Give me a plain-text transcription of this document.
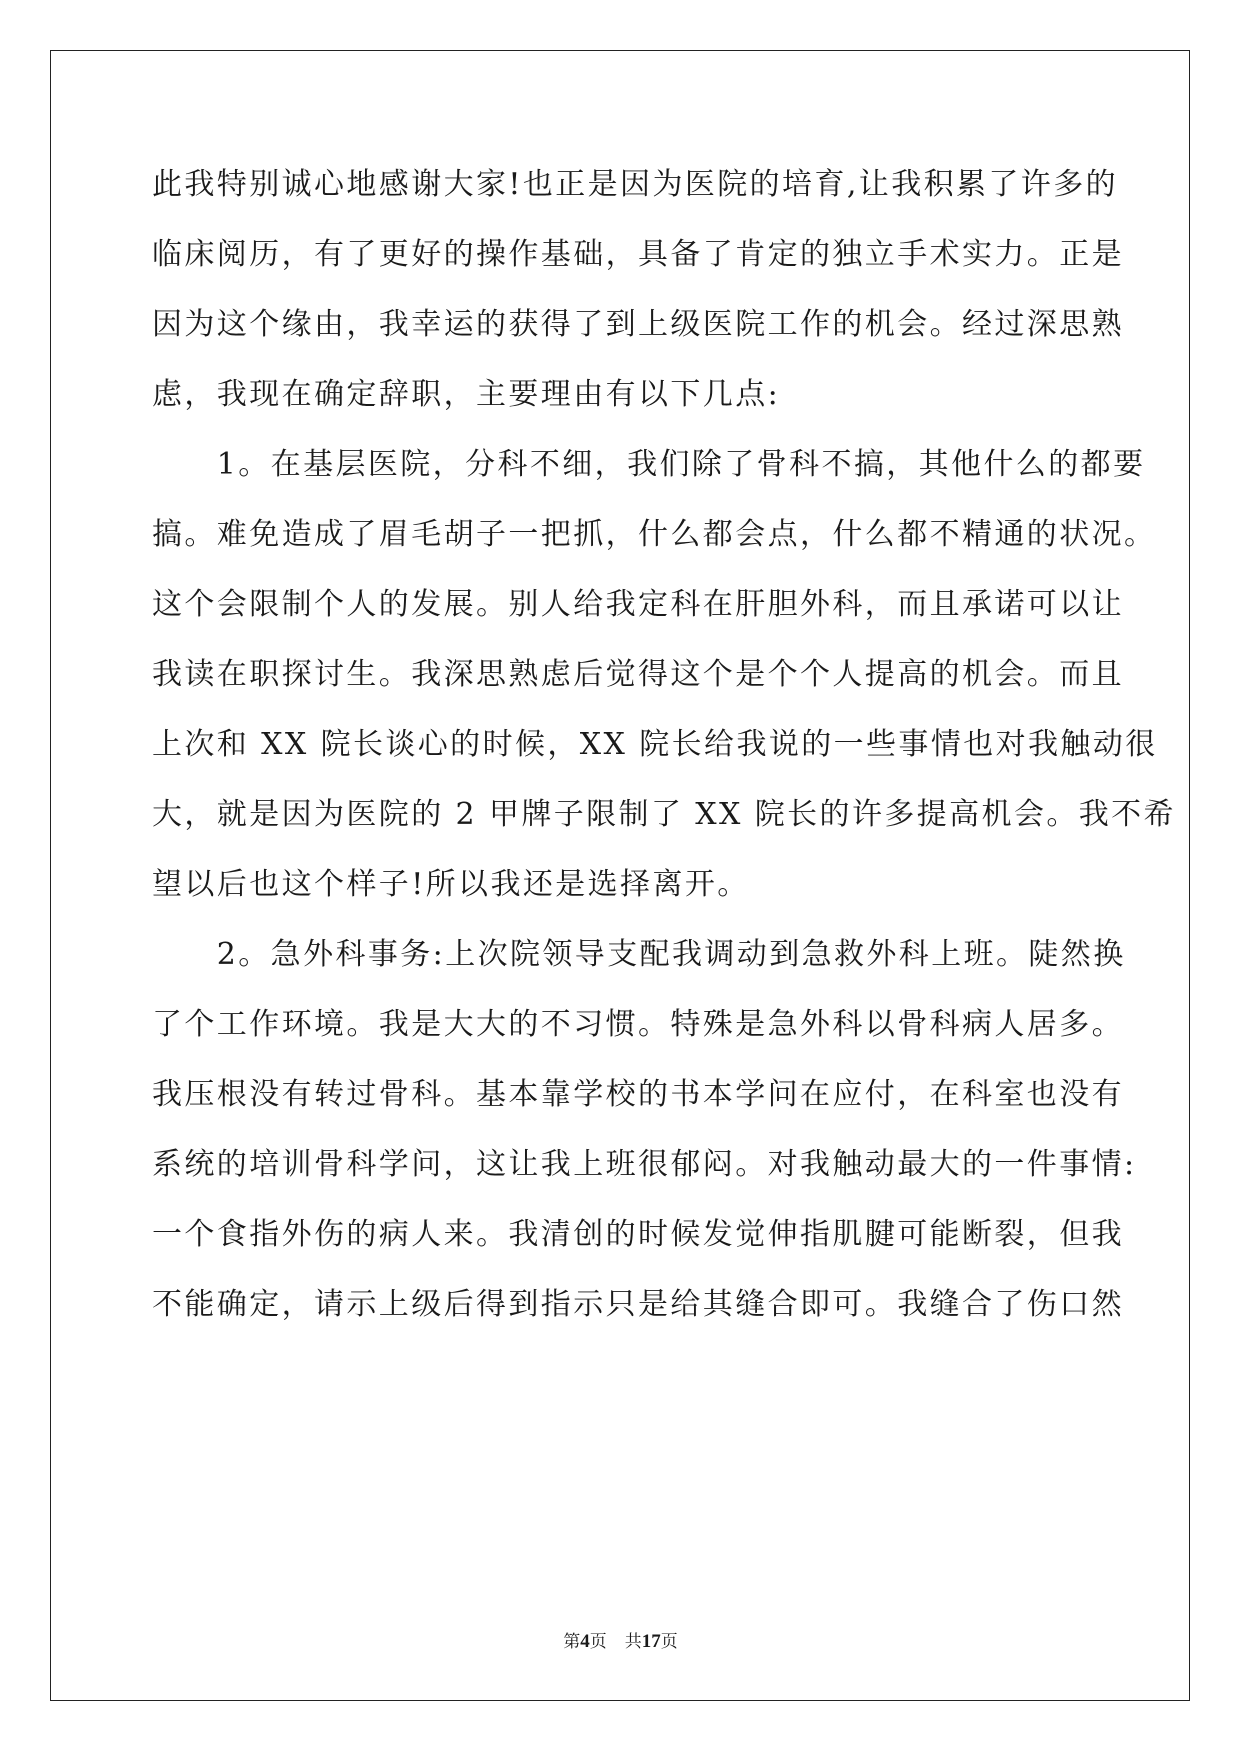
此我特别诚心地感谢大家!也正是因为医院的培育,让我积累了许多的
临床阅历，有了更好的操作基础，具备了肯定的独立手术实力。正是
因为这个缘由，我幸运的获得了到上级医院工作的机会。经过深思熟
虑，我现在确定辞职，主要理由有以下几点:
　　1。在基层医院，分科不细，我们除了骨科不搞，其他什么的都要
搞。难免造成了眉毛胡子一把抓，什么都会点，什么都不精通的状况。
这个会限制个人的发展。别人给我定科在肝胆外科，而且承诺可以让
我读在职探讨生。我深思熟虑后觉得这个是个个人提高的机会。而且
上次和 XX 院长谈心的时候，XX 院长给我说的一些事情也对我触动很
大，就是因为医院的 2 甲牌子限制了 XX 院长的许多提高机会。我不希
望以后也这个样子!所以我还是选择离开。
　　2。急外科事务:上次院领导支配我调动到急救外科上班。陡然换
了个工作环境。我是大大的不习惯。特殊是急外科以骨科病人居多。
我压根没有转过骨科。基本靠学校的书本学问在应付，在科室也没有
系统的培训骨科学问，这让我上班很郁闷。对我触动最大的一件事情:
一个食指外伤的病人来。我清创的时候发觉伸指肌腱可能断裂，但我
不能确定，请示上级后得到指示只是给其缝合即可。我缝合了伤口然
第4页 共17页
